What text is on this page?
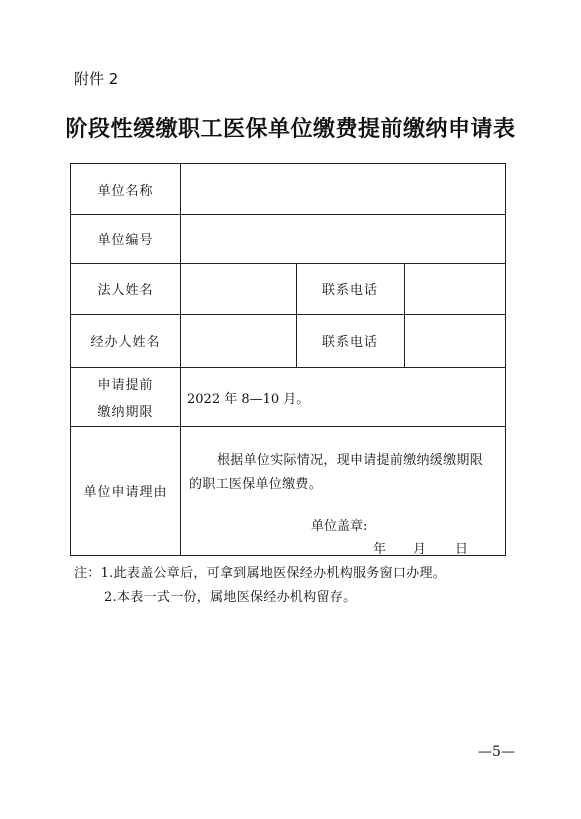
附件 2
阶段性缓缴职工医保单位缴费提前缴纳申请表
单位名称
单位编号
法人姓名	联系电话
经办人姓名	联系电话
申请提前
缴纳期限
2022 年 8—10 月。
单位申请理由
根据单位实际情况，现申请提前缴纳缓缴期限的职工医保单位缴费。
单位盖章:
年 月 日
注：1.此表盖公章后，可拿到属地医保经办机构服务窗口办理。
2.本表一式一份，属地医保经办机构留存。
—5—
